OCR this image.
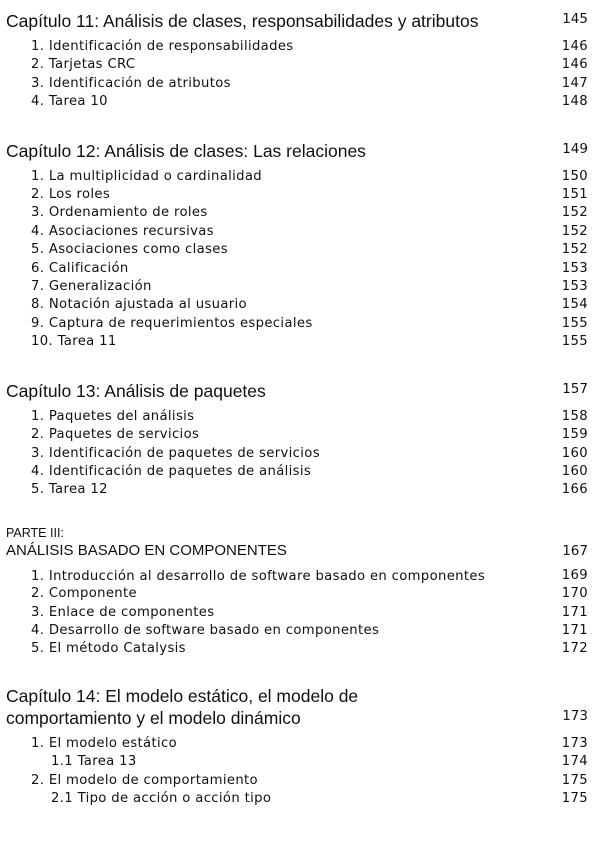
Capítulo 11: Análisis de clases, responsabilidades y atributos	145
1. Identificación de responsabilidades	146
2. Tarjetas CRC	146
3. Identificación de atributos	147
4. Tarea 10	148
Capítulo 12: Análisis de clases: Las relaciones	149
1. La multiplicidad o cardinalidad	150
2. Los roles	151
3. Ordenamiento de roles	152
4. Asociaciones recursivas	152
5. Asociaciones como clases	152
6. Calificación	153
7. Generalización	153
8. Notación ajustada al usuario	154
9. Captura de requerimientos especiales	155
10. Tarea 11	155
Capítulo 13: Análisis de paquetes	157
1. Paquetes del análisis	158
2. Paquetes de servicios	159
3. Identificación de paquetes de servicios	160
4. Identificación de paquetes de análisis	160
5. Tarea 12	166
PARTE III:
ANÁLISIS BASADO EN COMPONENTES	167
1. Introducción al desarrollo de software basado en componentes	169
2. Componente	170
3. Enlace de componentes	171
4. Desarrollo de software basado en componentes	171
5. El método Catalysis	172
Capítulo 14: El modelo estático, el modelo de comportamiento y el modelo dinámico	173
1. El modelo estático	173
1.1 Tarea 13	174
2. El modelo de comportamiento	175
2.1 Tipo de acción o acción tipo	175
